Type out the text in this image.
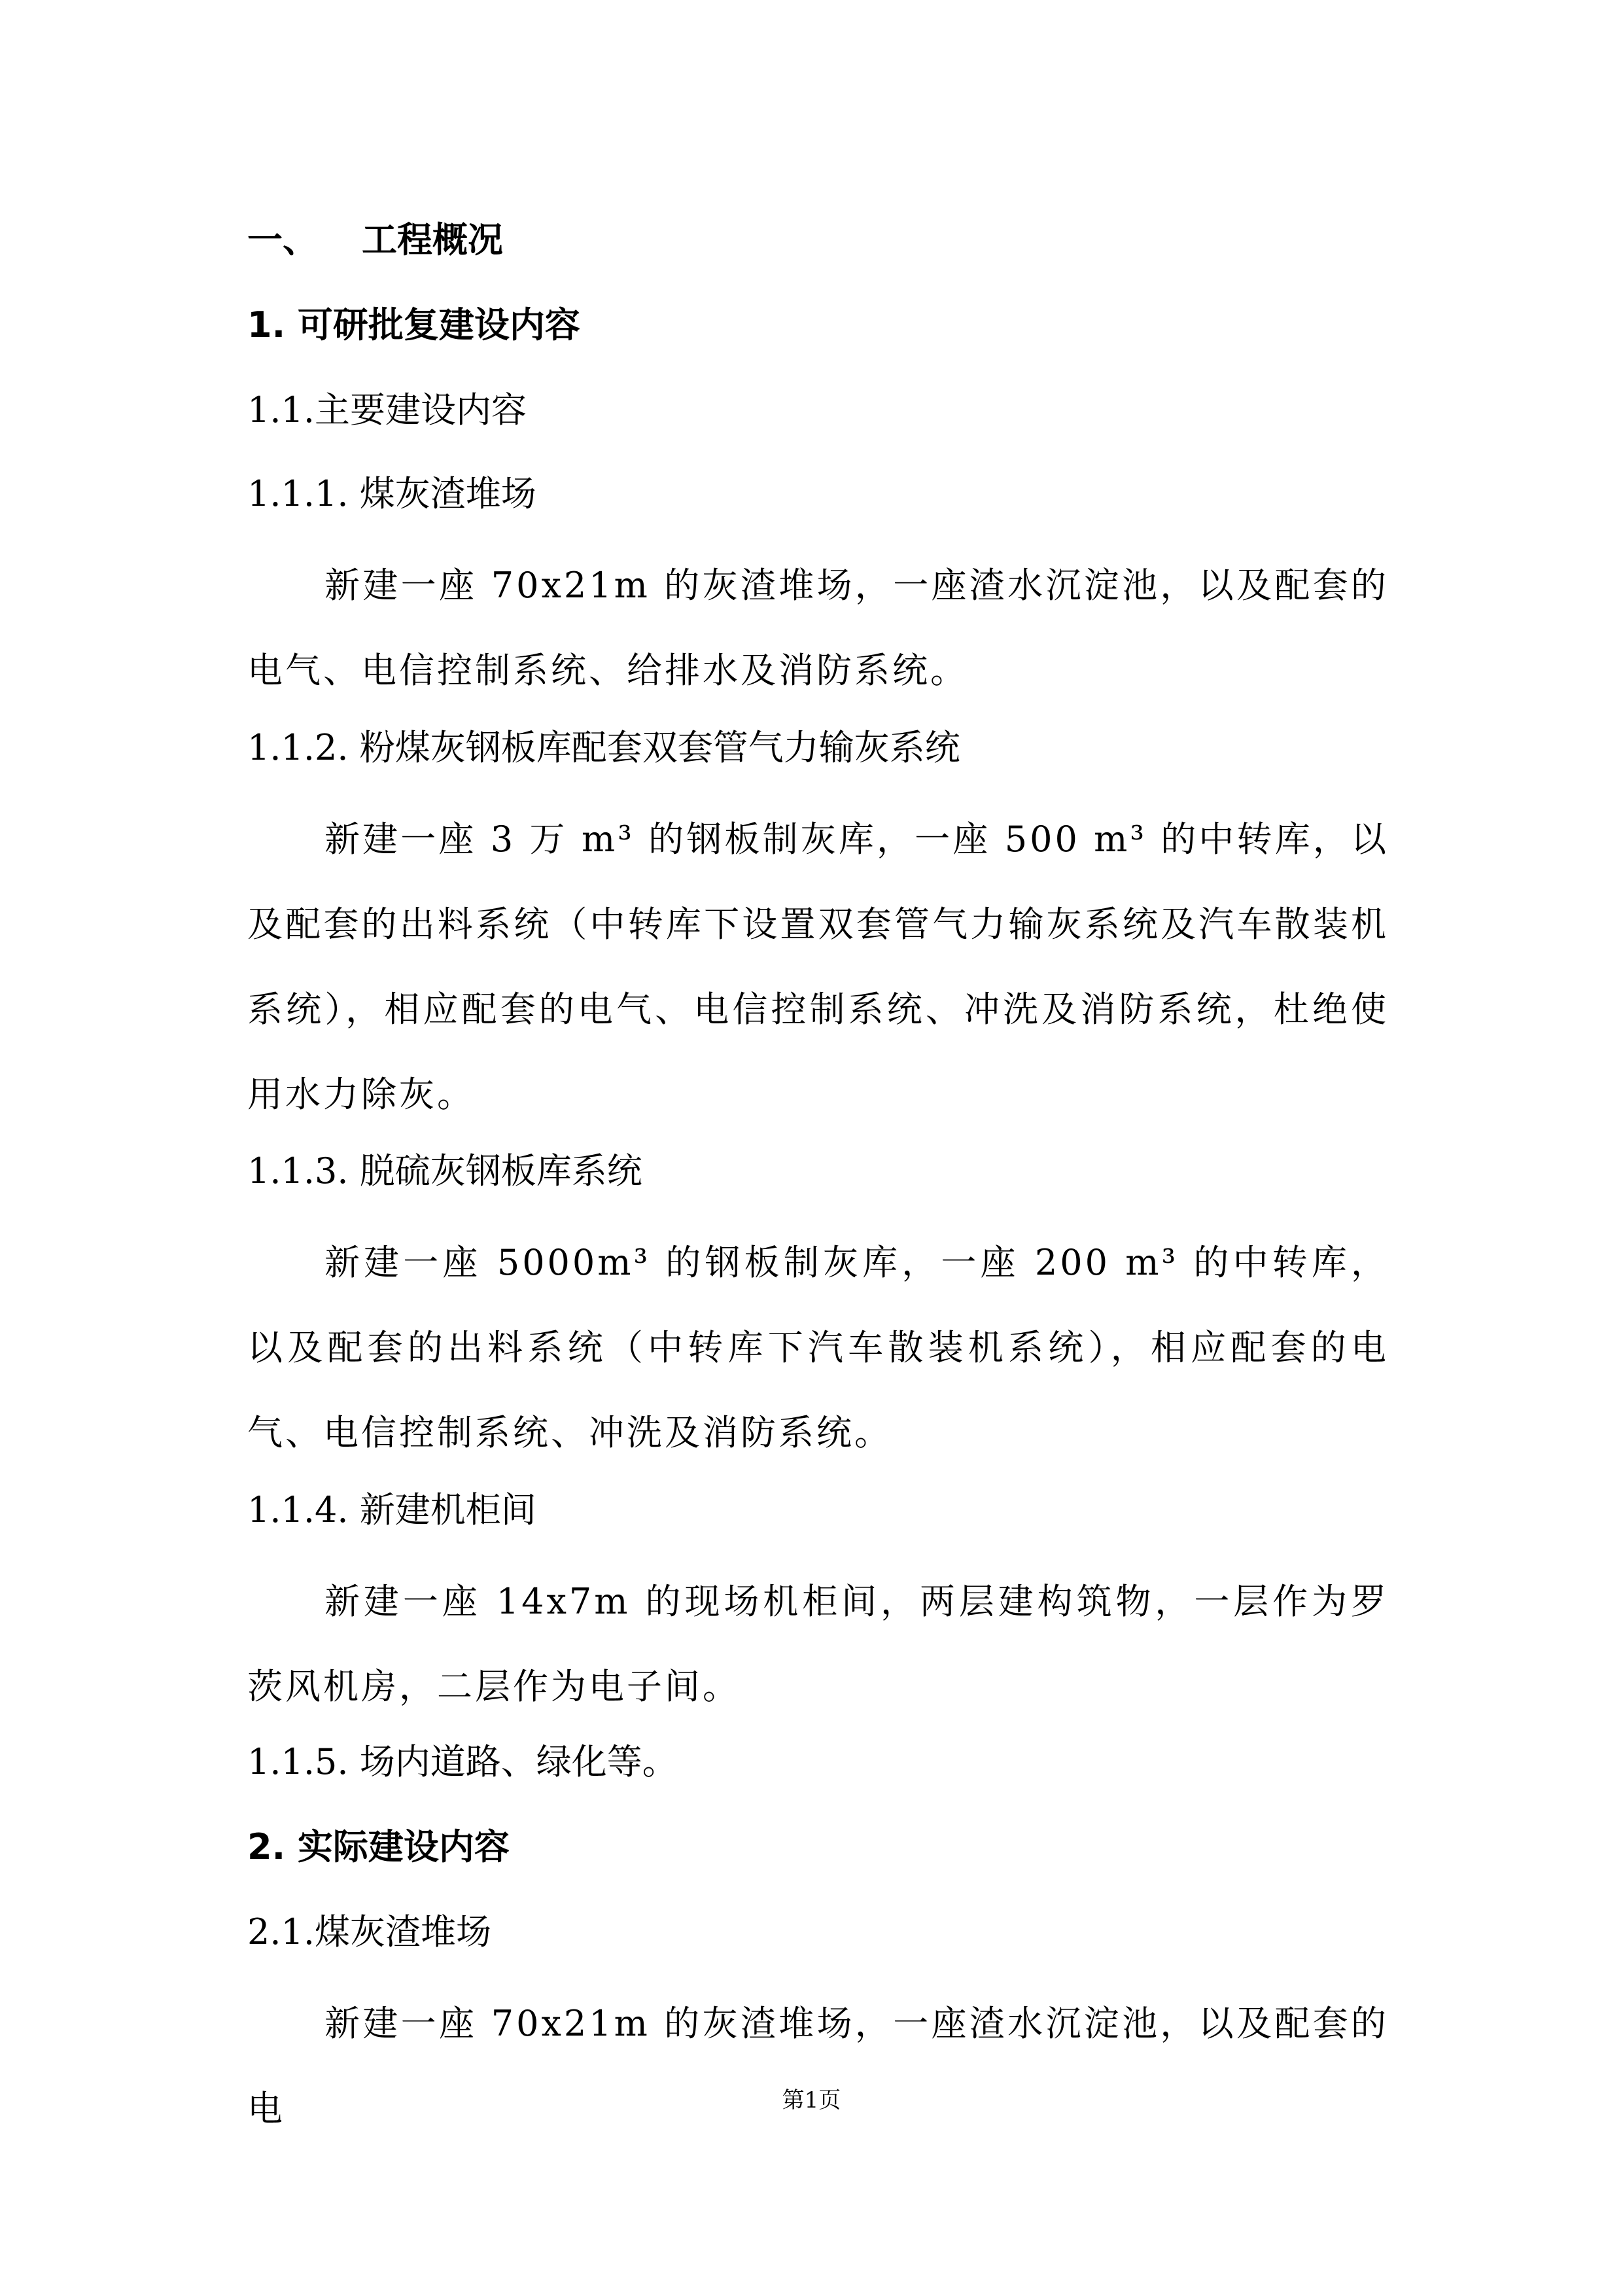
一、 工程概况
1. 可研批复建设内容
1.1.主要建设内容
1.1.1. 煤灰渣堆场
新建一座 70x21m 的灰渣堆场，一座渣水沉淀池，以及配套的电气、电信控制系统、给排水及消防系统。
1.1.2. 粉煤灰钢板库配套双套管气力输灰系统
新建一座 3 万 m³ 的钢板制灰库，一座 500 m³ 的中转库，以及配套的出料系统（中转库下设置双套管气力输灰系统及汽车散装机系统），相应配套的电气、电信控制系统、冲洗及消防系统，杜绝使用水力除灰。
1.1.3. 脱硫灰钢板库系统
新建一座 5000m³ 的钢板制灰库，一座 200 m³ 的中转库，以及配套的出料系统（中转库下汽车散装机系统），相应配套的电气、电信控制系统、冲洗及消防系统。
1.1.4. 新建机柜间
新建一座 14x7m 的现场机柜间，两层建构筑物，一层作为罗茨风机房，二层作为电子间。
1.1.5. 场内道路、绿化等。
2. 实际建设内容
2.1.煤灰渣堆场
新建一座 70x21m 的灰渣堆场，一座渣水沉淀池，以及配套的电	第1页
